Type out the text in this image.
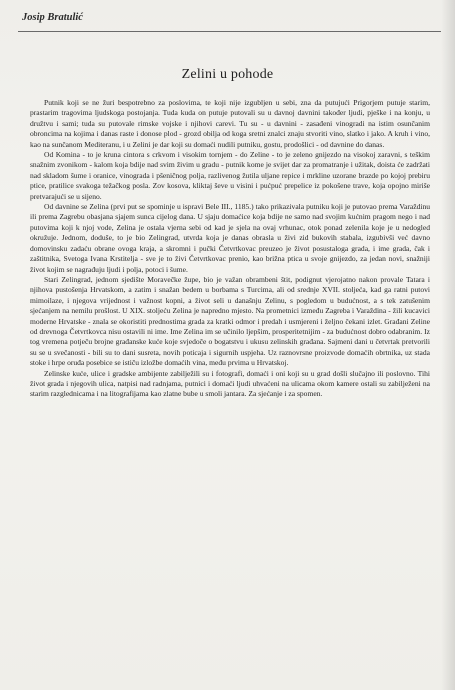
Josip Bratulić
Zelini u pohode

Putnik koji se ne žuri bespotrebno za poslovima, te koji nije izgubljen u sebi, zna da putujući Prigorjem putuje starim, prastarim tragovima ljudskoga postojanja. Tuda kuda on putuje putovali su u davnoj davnini također ljudi, pješke i na konju, u družtvu i sami; tuda su putovale rimske vojske i njihovi carevi. Tu su - u davnini - zasađeni vinogradi na istim osunčanim obroncima na kojima i danas raste i donose plod - grozd obilja od koga sretni znalci znaju stvoriti vino, slatko i jako. A kruh i vino, kao na sunčanom Mediteranu, i u Zelini je dar koji su domaći nudili putniku, gostu, prodošlici - od davnine do danas.

Od Komina - to je kruna cintora s crkvom i visokim tornjem - do Zeline - to je zeleno gnijezdo na visokoj zaravni, s teškim snažnim zvonikom - kalom koja bdije nad svim živim u gradu - putnik kome je svijet dar za promatranje i užitak, doista će zadržati nad skladom šume i oranice, vinograda i pšeničnog polja, razlivenog žutila uljane repice i mrkline uzorane brazde po kojoj prebiru ptice, pratilice svakoga težačkog posla. Zov kosova, kliktaj ševe u visini i pućpuć prepelice iz pokošene trave, koja opojno miriše pretvarajući se u sijeno.

Od davnine se Zelina (prvi put se spominje u ispravi Bele III., 1185.) tako prikazivala putniku koji je putovao prema Varaždinu ili prema Zagrebu obasjana sjajem sunca cijelog dana. U sjaju domaćice koja bdije ne samo nad svojim kućnim pragom nego i nad putovima koji k njoj vode, Zelina je ostala vjerna sebi od kad je sjela na ovaj vrhunac, otok ponad zelenila koje je u nedogled okružuje. Jednom, doduše, to je bio Zelingrad, utvrda koja je danas obrasla u živi zid bukovih stabala, izgubivši već davno domovinsku zadaću obrane ovoga kraja, a skromni i pučki Četvrtkovac preuzeo je život posustaloga grada, i ime grada, čak i zaštitnika, Svetoga Ivana Krstitelja - sve je to živi Četvrtkovac prenio, kao brižna ptica u svoje gnijezdo, za jedan novi, snažniji život kojim se nagrađuju ljudi i polja, potoci i šume.

Stari Zelingrad, jednom sjedište Moravečke župe, bio je važan obrambeni štit, podignut vjerojatno nakon provale Tatara i njihova pustošenja Hrvatskom, a zatim i snažan bedem u borbama s Turcima, ali od srednje XVII. stoljeća, kad ga ratni putovi mimoilaze, i njegova vrijednost i važnost kopni, a život seli u današnju Zelinu, s pogledom u budućnost, a s tek zatušenim sjećanjem na nemilu prošlost. U XIX. stoljeću Zelina je napredno mjesto. Na prometnici između Zagreba i Varaždina - žili kucavici moderne Hrvatske - znala se okoristiti prednostima grada za kratki odmor i predah i usmjereni i željno čekani izlet. Građani Zeline od drevnoga Četvrtkovca nisu ostavili ni ime. Ime Zelina im se učinilo ljepšim, prosperitetnijim - za budućnost dobro odabranim. Iz tog vremena potječu brojne građanske kuće koje svjedoče o bogatstvu i ukusu zelinskih građana. Sajmeni dani u četvrtak pretvorili su se u svečanosti - bili su to dani susreta, novih poticaja i sigurnih uspjeha. Uz raznovrsne proizvode domaćih obrtnika, uz stada stoke i hrpe oruđa posebice se ističu izložbe domaćih vina, među prvima u Hrvatskoj.

Zelinske kuće, ulice i gradske ambijente zabilježili su i fotografi, domaći i oni koji su u grad došli slučajno ili poslovno. Tihi život grada i njegovih ulica, natpisi nad radnjama, putnici i domaći ljudi uhvaćeni na ulicama okom kamere ostali su zabilježeni na starim razglednicama i na litografijama kao zlatne bube u smoli jantara. Za sjećanje i za spomen.
